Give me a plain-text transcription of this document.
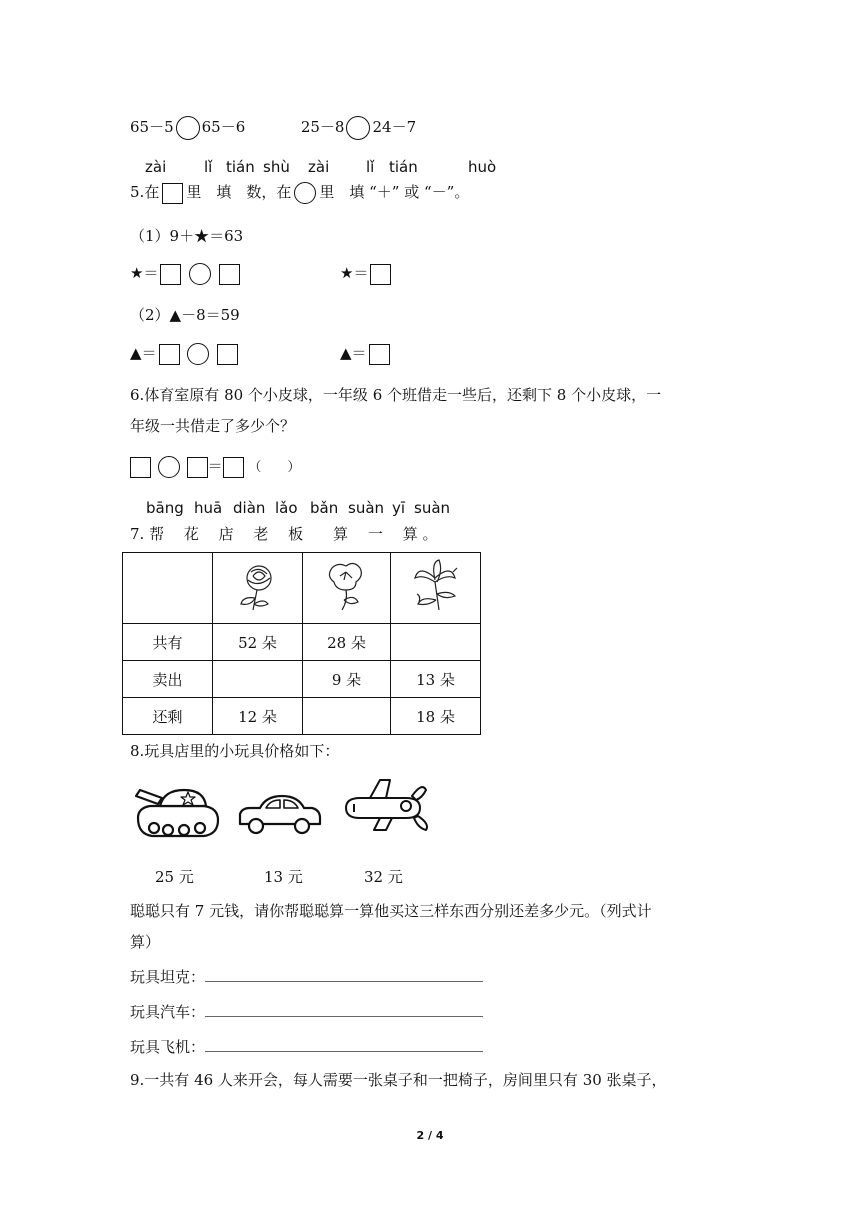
65－5 65－6	25－8 24－7
zài	lǐ tián shù zài lǐ tián	huò
5.在 里　填　数，在 里　填 “＋” 或 “－”。
（1）9＋★＝63
★＝	★＝
（2）▲－8＝59
▲＝	▲＝
6.体育室原有 80 个小皮球，一年级 6 个班借走一些后，还剩下 8 个小皮球，一
年级一共借走了多少个？
＝ （　　）
bāng huā diàn lǎo bǎn suàn yī suàn
7. 帮　 花　 店　 老　 板　　算　 一　 算 。

共有	52 朵	28 朵	
卖出		9 朵	13 朵
还剩	12 朵		18 朵
8.玩具店里的小玩具价格如下：
25 元	13 元	32 元
聪聪只有 7 元钱，请你帮聪聪算一算他买这三样东西分别还差多少元。（列式计
算）
玩具坦克：
玩具汽车：
玩具飞机：
9.一共有 46 人来开会，每人需要一张桌子和一把椅子，房间里只有 30 张桌子，
2 / 4
